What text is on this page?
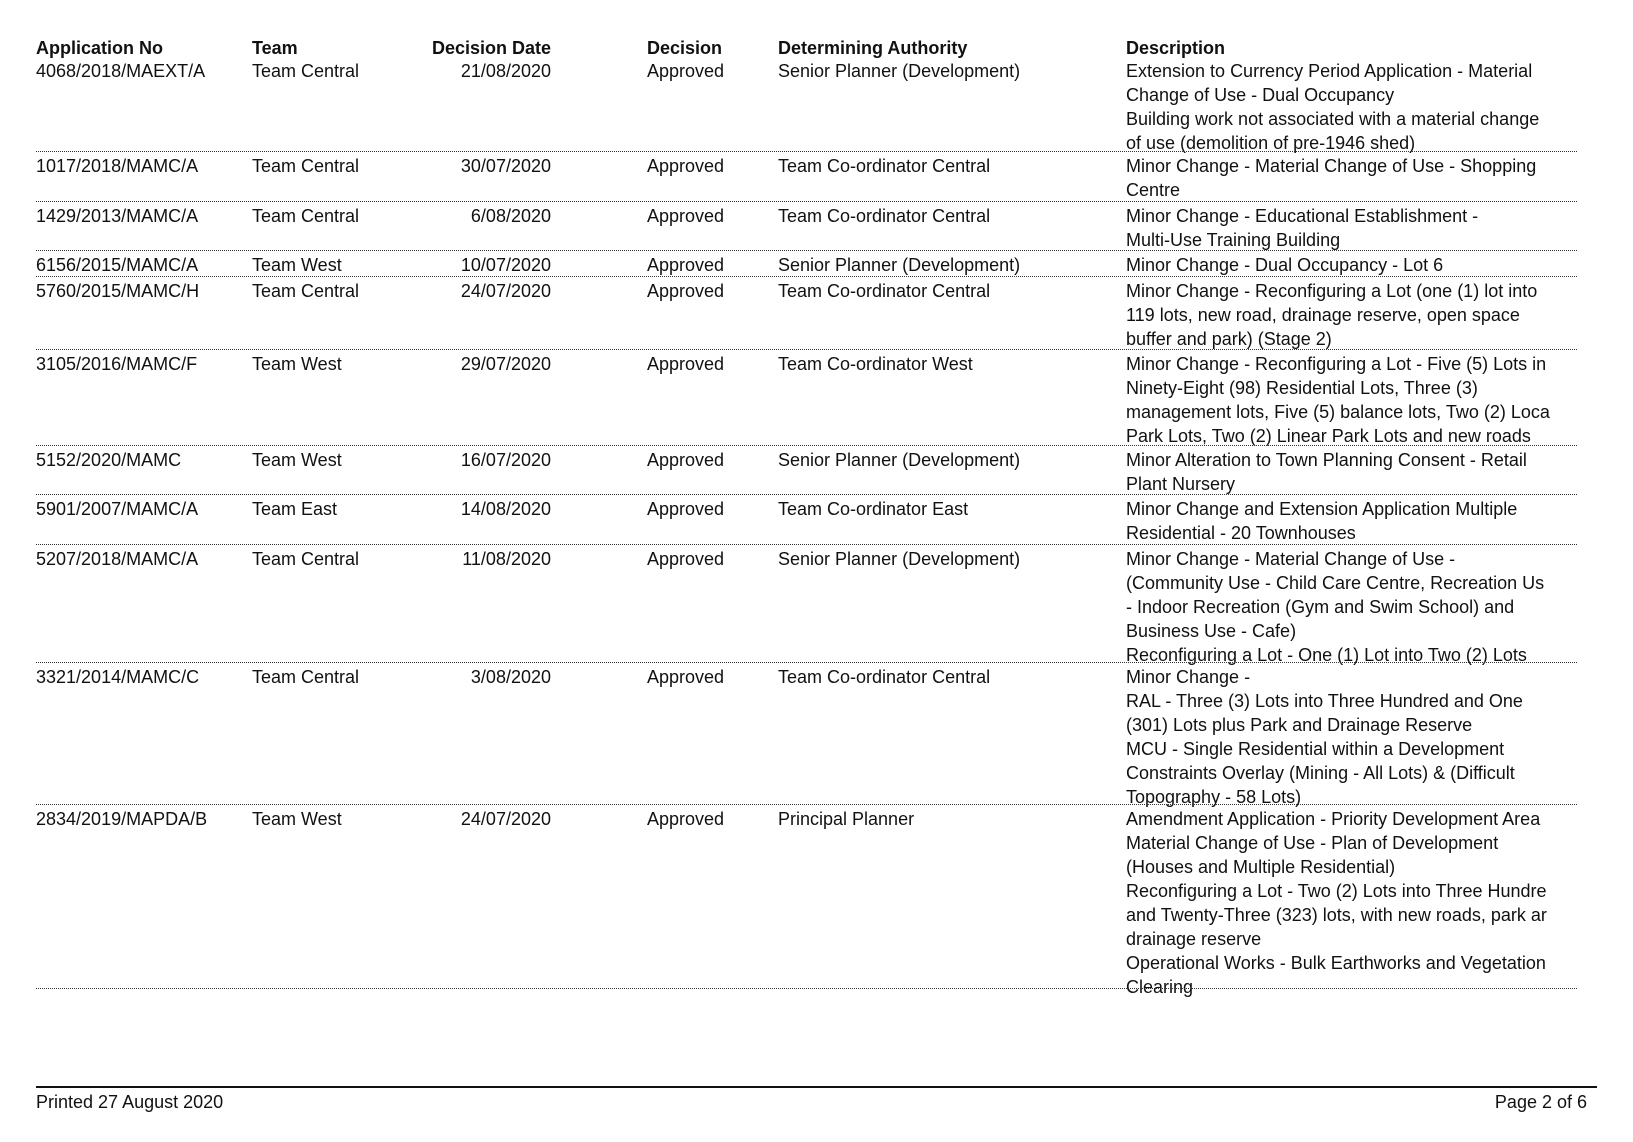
Application No	Team	Decision Date	Decision	Determining Authority	Description
4068/2018/MAEXT/A	Team Central	21/08/2020	Approved	Senior Planner (Development)	Extension to Currency Period Application - Material
Change of Use - Dual Occupancy
Building work not associated with a material change
of use (demolition of pre-1946 shed)
1017/2018/MAMC/A	Team Central	30/07/2020	Approved	Team Co-ordinator Central	Minor Change - Material Change of Use - Shopping
Centre
1429/2013/MAMC/A	Team Central	6/08/2020	Approved	Team Co-ordinator Central	Minor Change - Educational Establishment -
Multi-Use Training Building
6156/2015/MAMC/A	Team West	10/07/2020	Approved	Senior Planner (Development)	Minor Change - Dual Occupancy - Lot 6
5760/2015/MAMC/H	Team Central	24/07/2020	Approved	Team Co-ordinator Central	Minor Change - Reconfiguring a Lot (one (1) lot into
119 lots, new road, drainage reserve, open space
buffer and park) (Stage 2)
3105/2016/MAMC/F	Team West	29/07/2020	Approved	Team Co-ordinator West	Minor Change - Reconfiguring a Lot - Five (5) Lots in
Ninety-Eight (98) Residential Lots, Three (3)
management lots, Five (5) balance lots, Two (2) Loca
Park Lots, Two (2) Linear Park Lots and new roads
5152/2020/MAMC	Team West	16/07/2020	Approved	Senior Planner (Development)	Minor Alteration to Town Planning Consent - Retail
Plant Nursery
5901/2007/MAMC/A	Team East	14/08/2020	Approved	Team Co-ordinator East	Minor Change and Extension Application Multiple
Residential - 20 Townhouses
5207/2018/MAMC/A	Team Central	11/08/2020	Approved	Senior Planner (Development)	Minor Change - Material Change of Use -
(Community Use - Child Care Centre, Recreation Us
- Indoor Recreation (Gym and Swim School) and
Business Use - Cafe)
Reconfiguring a Lot - One (1) Lot into Two (2) Lots
3321/2014/MAMC/C	Team Central	3/08/2020	Approved	Team Co-ordinator Central	Minor Change -
RAL - Three (3) Lots into Three Hundred and One
(301) Lots plus Park and Drainage Reserve
MCU - Single Residential within a Development
Constraints Overlay (Mining - All Lots) & (Difficult
Topography - 58 Lots)
2834/2019/MAPDA/B Team West	24/07/2020	Approved	Principal Planner	Amendment Application - Priority Development Area
Material Change of Use - Plan of Development
(Houses and Multiple Residential)
Reconfiguring a Lot - Two (2) Lots into Three Hundre
and Twenty-Three (323) lots, with new roads, park ar
drainage reserve
Operational Works - Bulk Earthworks and Vegetation
Clearing
Printed 27 August 2020	Page 2 of 6
